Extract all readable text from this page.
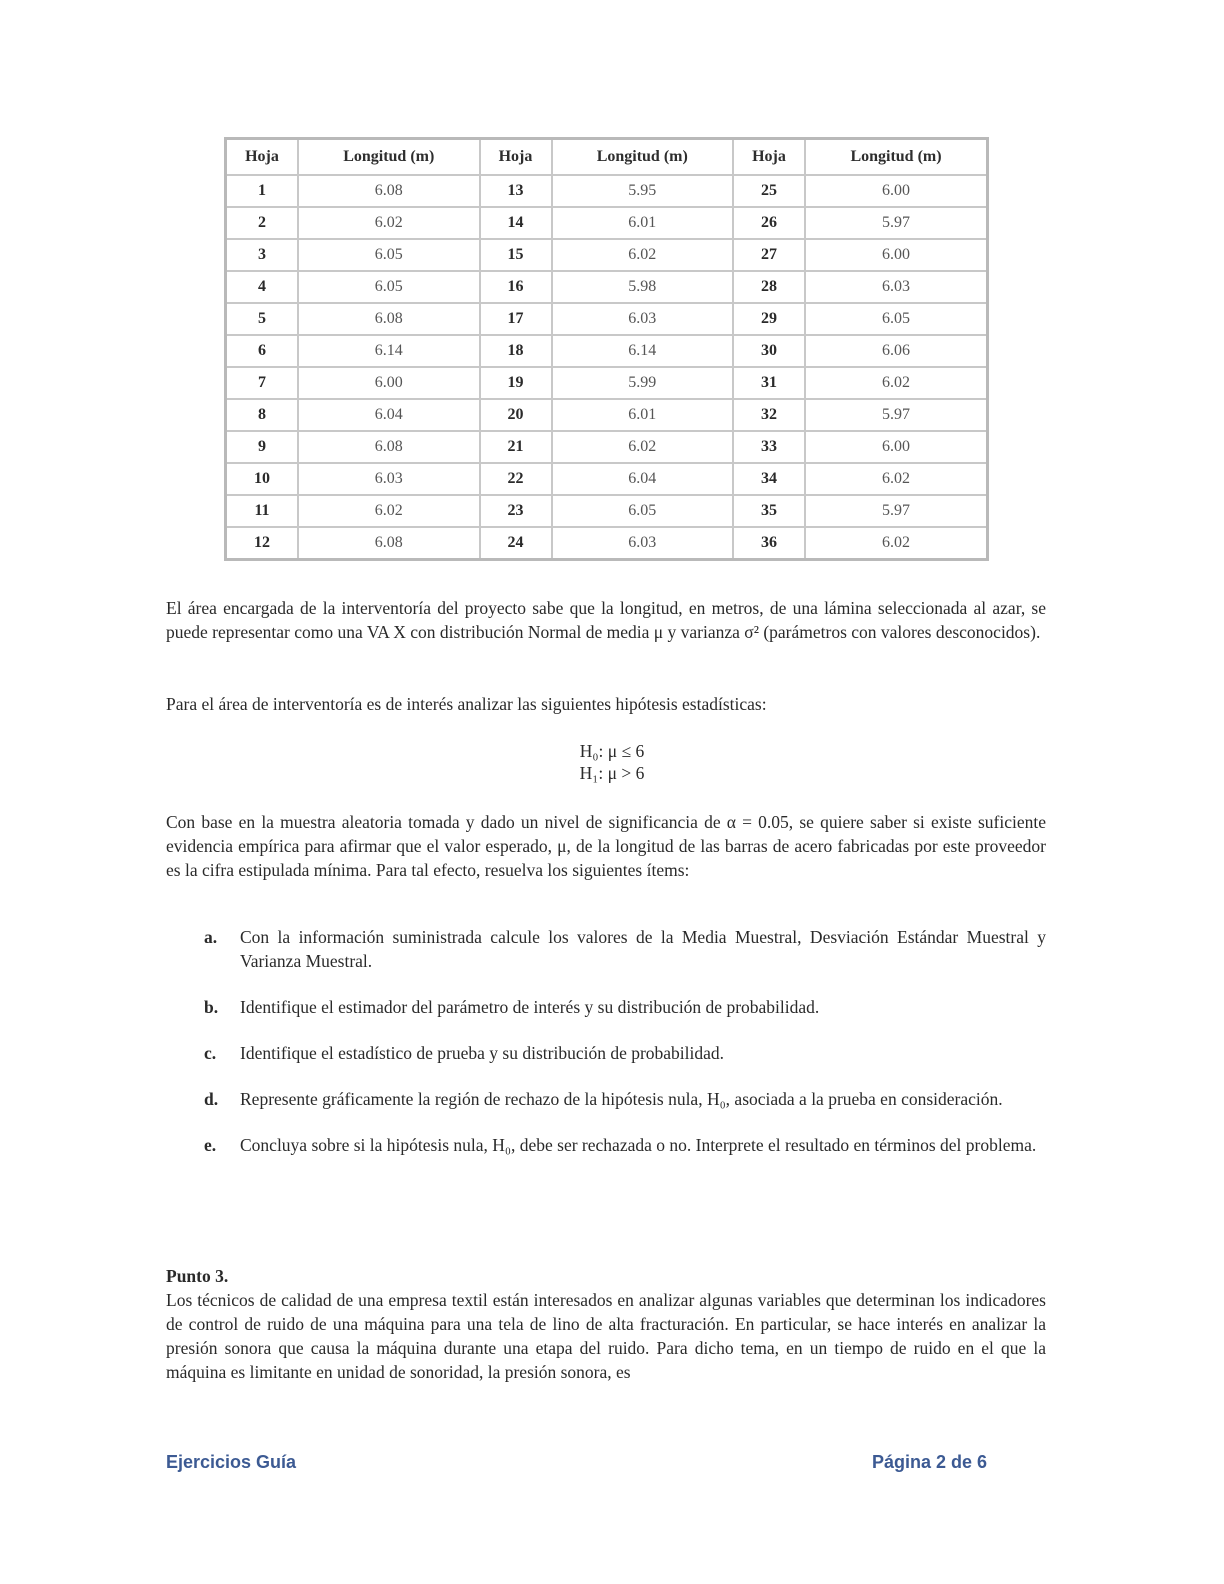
Hoja	Longitud (m)	Hoja	Longitud (m)	Hoja	Longitud (m)
1	6.08	13	5.95	25	6.00
2	6.02	14	6.01	26	5.97
3	6.05	15	6.02	27	6.00
4	6.05	16	5.98	28	6.03
5	6.08	17	6.03	29	6.05
6	6.14	18	6.14	30	6.06
7	6.00	19	5.99	31	6.02
8	6.04	20	6.01	32	5.97
9	6.08	21	6.02	33	6.00
10	6.03	22	6.04	34	6.02
11	6.02	23	6.05	35	5.97
12	6.08	24	6.03	36	6.02
El área encargada de la interventoría del proyecto sabe que la longitud, en metros, de una lámina seleccionada al azar, se puede representar como una VA X con distribución Normal de media μ y varianza σ² (parámetros con valores desconocidos).
Para el área de interventoría es de interés analizar las siguientes hipótesis estadísticas:
H₀: μ ≤ 6
H₁: μ > 6
Con base en la muestra aleatoria tomada y dado un nivel de significancia de α = 0.05, se quiere saber si existe suficiente evidencia empírica para afirmar que el valor esperado, μ, de la longitud de las barras de acero fabricadas por este proveedor es la cifra estipulada mínima. Para tal efecto, resuelva los siguientes ítems:
a.	Con la información suministrada calcule los valores de la Media Muestral, Desviación Estándar Muestral y Varianza Muestral.
b.	Identifique el estimador del parámetro de interés y su distribución de probabilidad.
c.	Identifique el estadístico de prueba y su distribución de probabilidad.
d.	Represente gráficamente la región de rechazo de la hipótesis nula, H₀, asociada a la prueba en consideración.
e.	Concluya sobre si la hipótesis nula, H₀, debe ser rechazada o no. Interprete el resultado en términos del problema.
Punto 3.
Los técnicos de calidad de una empresa textil están interesados en analizar algunas variables que determinan los indicadores de control de ruido de una máquina para una tela de lino de alta fracturación. En particular, se hace interés en analizar la presión sonora que causa la máquina durante una etapa del ruido. Para dicho tema, en un tiempo de ruido en el que la máquina es limitante en unidad de sonoridad, la presión sonora, es
Ejercicios Guía	Página 2 de 6
